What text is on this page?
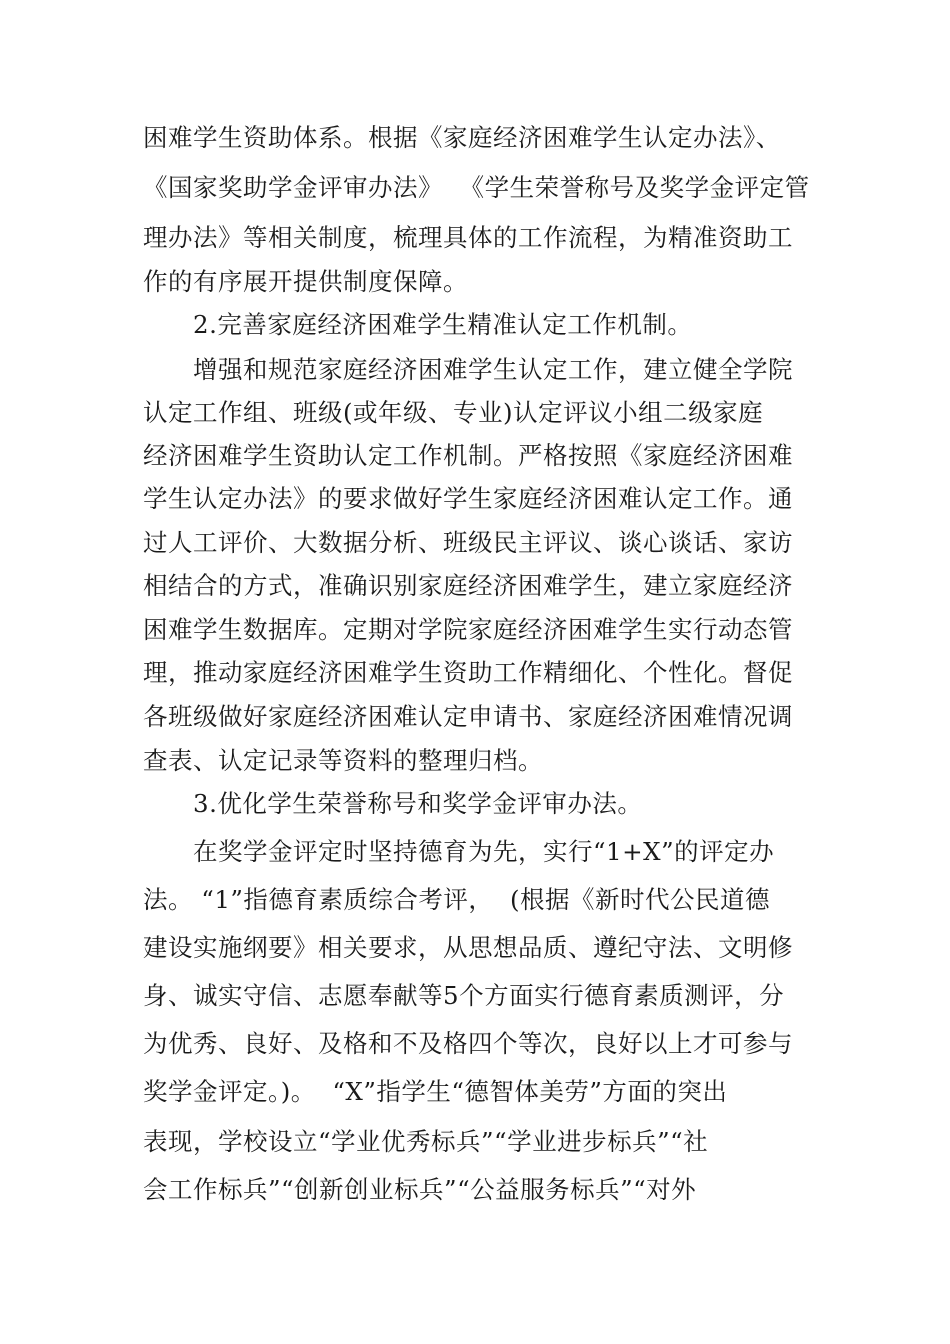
困难学生资助体系。根据《家庭经济困难学生认定办法》、
《国家奖助学金评审办法》  《学生荣誉称号及奖学金评定管
理办法》等相关制度，梳理具体的工作流程，为精准资助工
作的有序展开提供制度保障。
2.完善家庭经济困难学生精准认定工作机制。
增强和规范家庭经济困难学生认定工作，建立健全学院
认定工作组、班级(或年级、专业)认定评议小组二级家庭
经济困难学生资助认定工作机制。严格按照《家庭经济困难
学生认定办法》的要求做好学生家庭经济困难认定工作。通
过人工评价、大数据分析、班级民主评议、谈心谈话、家访
相结合的方式，准确识别家庭经济困难学生，建立家庭经济
困难学生数据库。定期对学院家庭经济困难学生实行动态管
理，推动家庭经济困难学生资助工作精细化、个性化。督促
各班级做好家庭经济困难认定申请书、家庭经济困难情况调
查表、认定记录等资料的整理归档。
3.优化学生荣誉称号和奖学金评审办法。
在奖学金评定时坚持德育为先，实行“1+X”的评定办
法。 “1”指德育素质综合考评，  (根据《新时代公民道德
建设实施纲要》相关要求，从思想品质、遵纪守法、文明修
身、诚实守信、志愿奉献等5个方面实行德育素质测评，分
为优秀、良好、及格和不及格四个等次，良好以上才可参与
奖学金评定。)。  “X”指学生“德智体美劳”方面的突出
表现，学校设立“学业优秀标兵”“学业进步标兵”“社
会工作标兵”“创新创业标兵”“公益服务标兵”“对外
